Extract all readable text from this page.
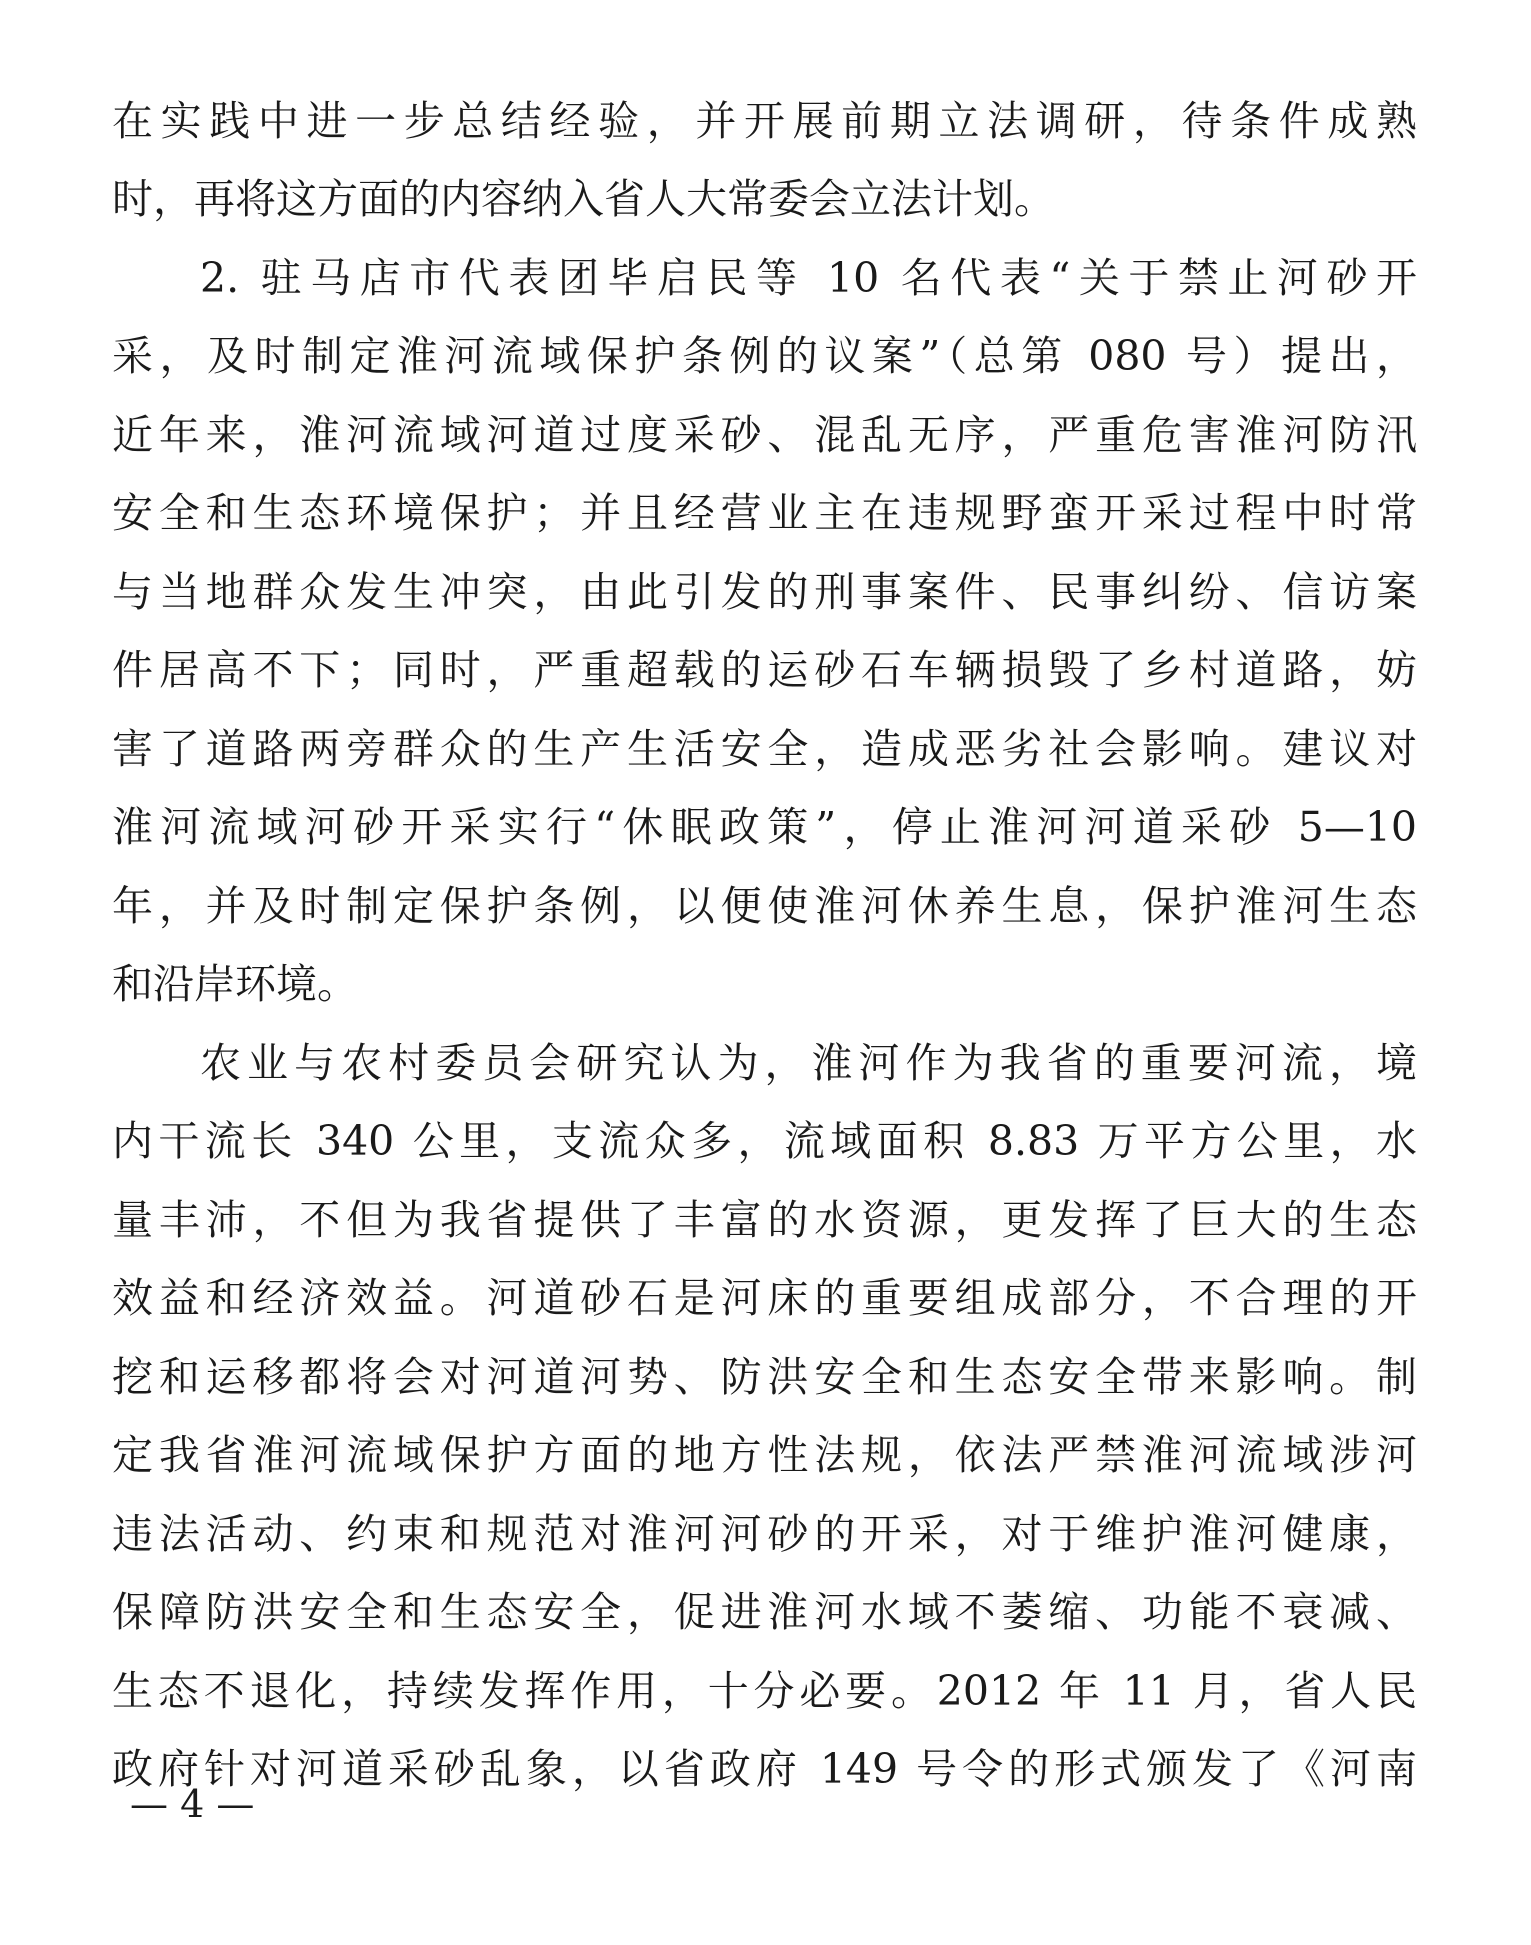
在实践中进一步总结经验，并开展前期立法调研，待条件成熟
时，再将这方面的内容纳入省人大常委会立法计划。
2. 驻马店市代表团毕启民等 10 名代表“关于禁止河砂开
采，及时制定淮河流域保护条例的议案”（总第 080 号）提出，
近年来，淮河流域河道过度采砂、混乱无序，严重危害淮河防汛
安全和生态环境保护；并且经营业主在违规野蛮开采过程中时常
与当地群众发生冲突，由此引发的刑事案件、民事纠纷、信访案
件居高不下；同时，严重超载的运砂石车辆损毁了乡村道路，妨
害了道路两旁群众的生产生活安全，造成恶劣社会影响。建议对
淮河流域河砂开采实行“休眠政策”，停止淮河河道采砂 5—10
年，并及时制定保护条例，以便使淮河休养生息，保护淮河生态
和沿岸环境。
农业与农村委员会研究认为，淮河作为我省的重要河流，境
内干流长 340 公里，支流众多，流域面积 8.83 万平方公里，水
量丰沛，不但为我省提供了丰富的水资源，更发挥了巨大的生态
效益和经济效益。河道砂石是河床的重要组成部分，不合理的开
挖和运移都将会对河道河势、防洪安全和生态安全带来影响。制
定我省淮河流域保护方面的地方性法规，依法严禁淮河流域涉河
违法活动、约束和规范对淮河河砂的开采，对于维护淮河健康，
保障防洪安全和生态安全，促进淮河水域不萎缩、功能不衰减、
生态不退化，持续发挥作用，十分必要。2012 年 11 月，省人民
政府针对河道采砂乱象，以省政府 149 号令的形式颁发了《河南
— 4 —
